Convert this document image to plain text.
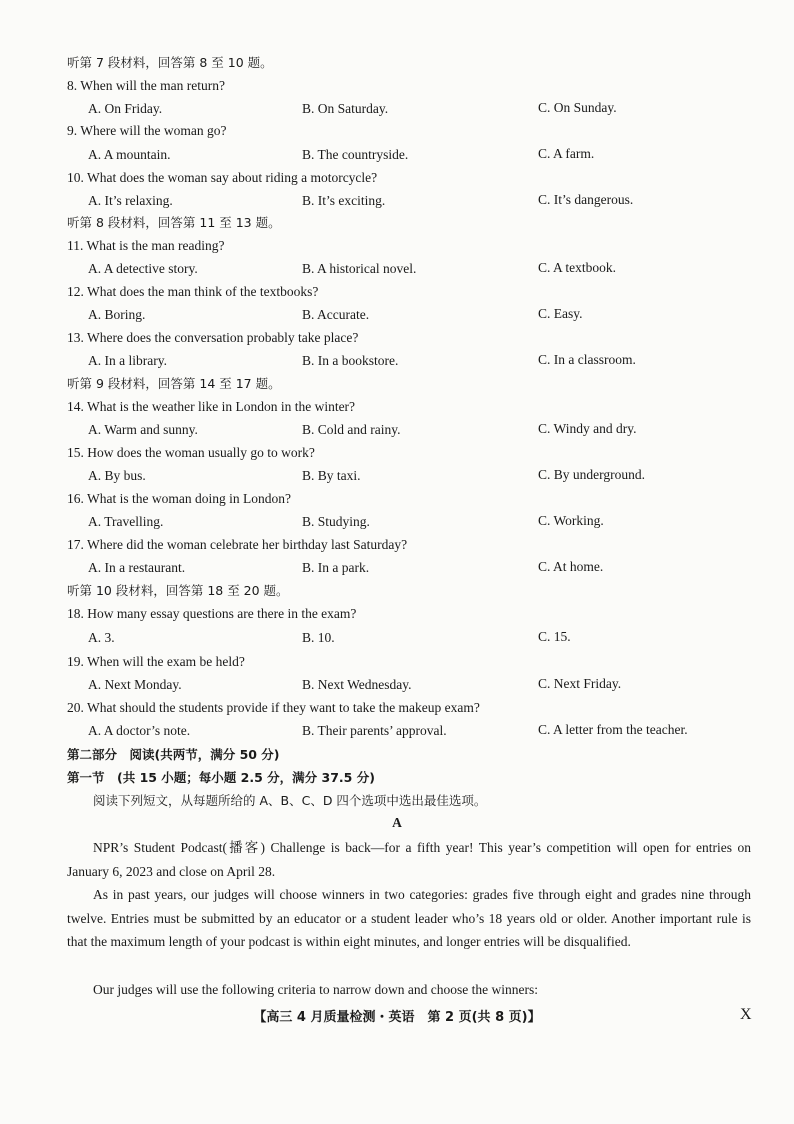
听第 7 段材料，回答第 8 至 10 题。
8. When will the man return?
A. On Friday.	B. On Saturday.	C. On Sunday.
9. Where will the woman go?
A. A mountain.	B. The countryside.	C. A farm.
10. What does the woman say about riding a motorcycle?
A. It’s relaxing.	B. It’s exciting.	C. It’s dangerous.
听第 8 段材料，回答第 11 至 13 题。
11. What is the man reading?
A. A detective story.	B. A historical novel.	C. A textbook.
12. What does the man think of the textbooks?
A. Boring.	B. Accurate.	C. Easy.
13. Where does the conversation probably take place?
A. In a library.	B. In a bookstore.	C. In a classroom.
听第 9 段材料，回答第 14 至 17 题。
14. What is the weather like in London in the winter?
A. Warm and sunny.	B. Cold and rainy.	C. Windy and dry.
15. How does the woman usually go to work?
A. By bus.	B. By taxi.	C. By underground.
16. What is the woman doing in London?
A. Travelling.	B. Studying.	C. Working.
17. Where did the woman celebrate her birthday last Saturday?
A. In a restaurant.	B. In a park.	C. At home.
听第 10 段材料，回答第 18 至 20 题。
18. How many essay questions are there in the exam?
A. 3.	B. 10.	C. 15.
19. When will the exam be held?
A. Next Monday.	B. Next Wednesday.	C. Next Friday.
20. What should the students provide if they want to take the makeup exam?
A. A doctor’s note.	B. Their parents’ approval.	C. A letter from the teacher.
第二部分　阅读(共两节，满分 50 分)
第一节　(共 15 小题；每小题 2.5 分，满分 37.5 分)
阅读下列短文，从每题所给的 A、B、C、D 四个选项中选出最佳选项。
A
NPR’s Student Podcast(播客) Challenge is back—for a fifth year! This year’s competition will open for entries on January 6, 2023 and close on April 28.
As in past years, our judges will choose winners in two categories: grades five through eight and grades nine through twelve. Entries must be submitted by an educator or a student leader who’s 18 years old or older. Another important rule is that the maximum length of your podcast is within eight minutes, and longer entries will be disqualified.
Our judges will use the following criteria to narrow down and choose the winners:
【高三 4 月质量检测・英语　第 2 页(共 8 页)】	X
